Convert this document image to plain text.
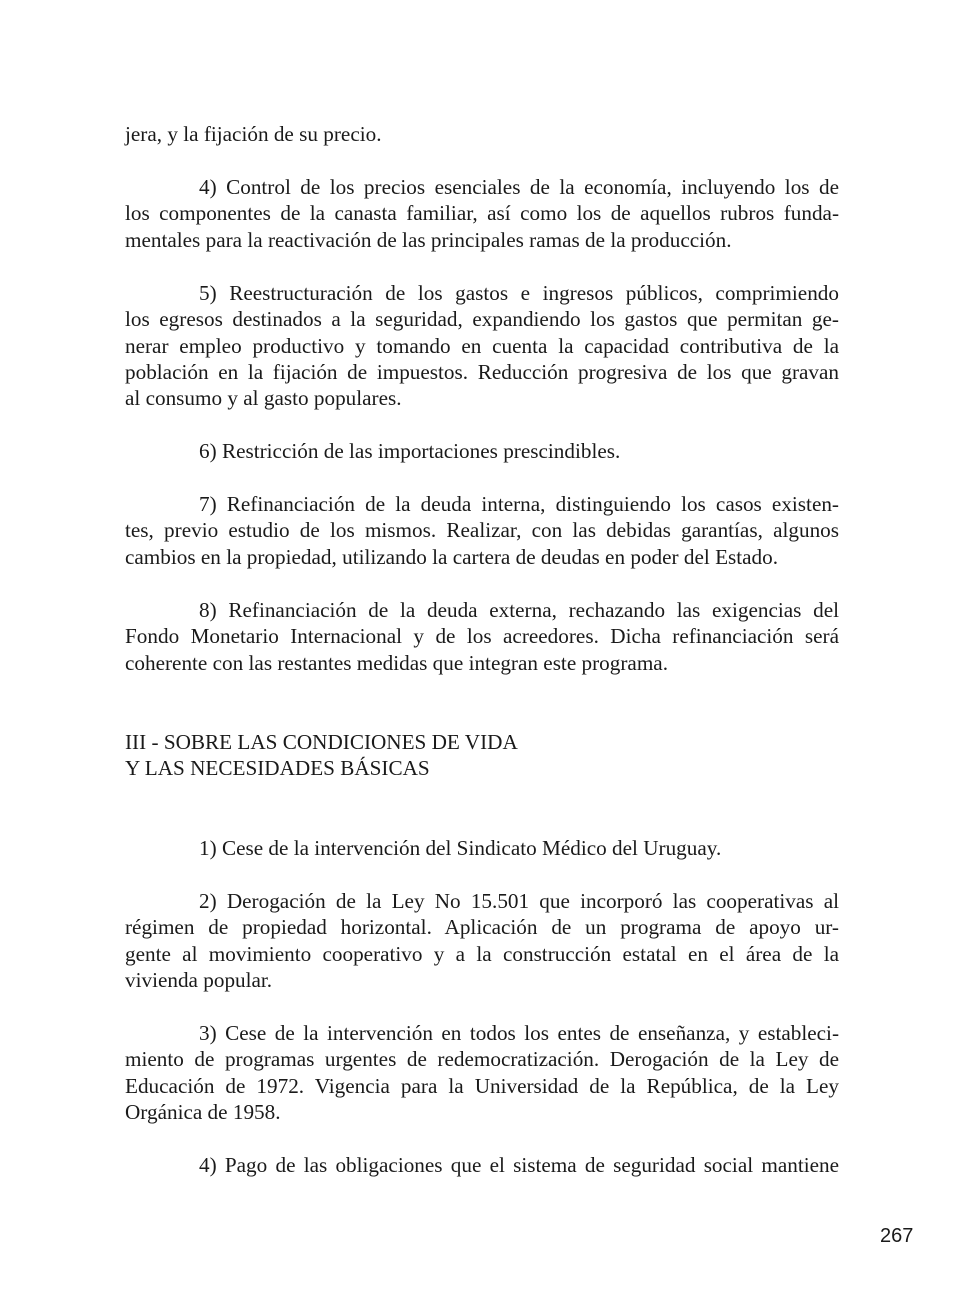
jera, y la fijación de su precio.
4) Control de los precios esenciales de la economía, incluyendo los de
los componentes de la canasta familiar, así como los de aquellos rubros funda-
mentales para la reactivación de las principales ramas de la producción.
5) Reestructuración de los gastos e ingresos públicos, comprimiendo
los egresos destinados a la seguridad, expandiendo los gastos que permitan ge-
nerar empleo productivo y tomando en cuenta la capacidad contributiva de la
población en la fijación de impuestos. Reducción progresiva de los que gravan
al consumo y al gasto populares.
6) Restricción de las importaciones prescindibles.
7) Refinanciación de la deuda interna, distinguiendo los casos existen-
tes, previo estudio de los mismos. Realizar, con las debidas garantías, algunos
cambios en la propiedad, utilizando la cartera de deudas en poder del Estado.
8) Refinanciación de la deuda externa, rechazando las exigencias del
Fondo Monetario Internacional y de los acreedores. Dicha refinanciación será
coherente con las restantes medidas que integran este programa.
III - SOBRE LAS CONDICIONES DE VIDA
Y LAS NECESIDADES BÁSICAS
1) Cese de la intervención del Sindicato Médico del Uruguay.
2) Derogación de la Ley No 15.501 que incorporó las cooperativas al
régimen de propiedad horizontal. Aplicación de un programa de apoyo ur-
gente al movimiento cooperativo y a la construcción estatal en el área de la
vivienda popular.
3) Cese de la intervención en todos los entes de enseñanza, y estableci-
miento de programas urgentes de redemocratización. Derogación de la Ley de
Educación de 1972. Vigencia para la Universidad de la República, de la Ley
Orgánica de 1958.
4) Pago de las obligaciones que el sistema de seguridad social mantiene
267
